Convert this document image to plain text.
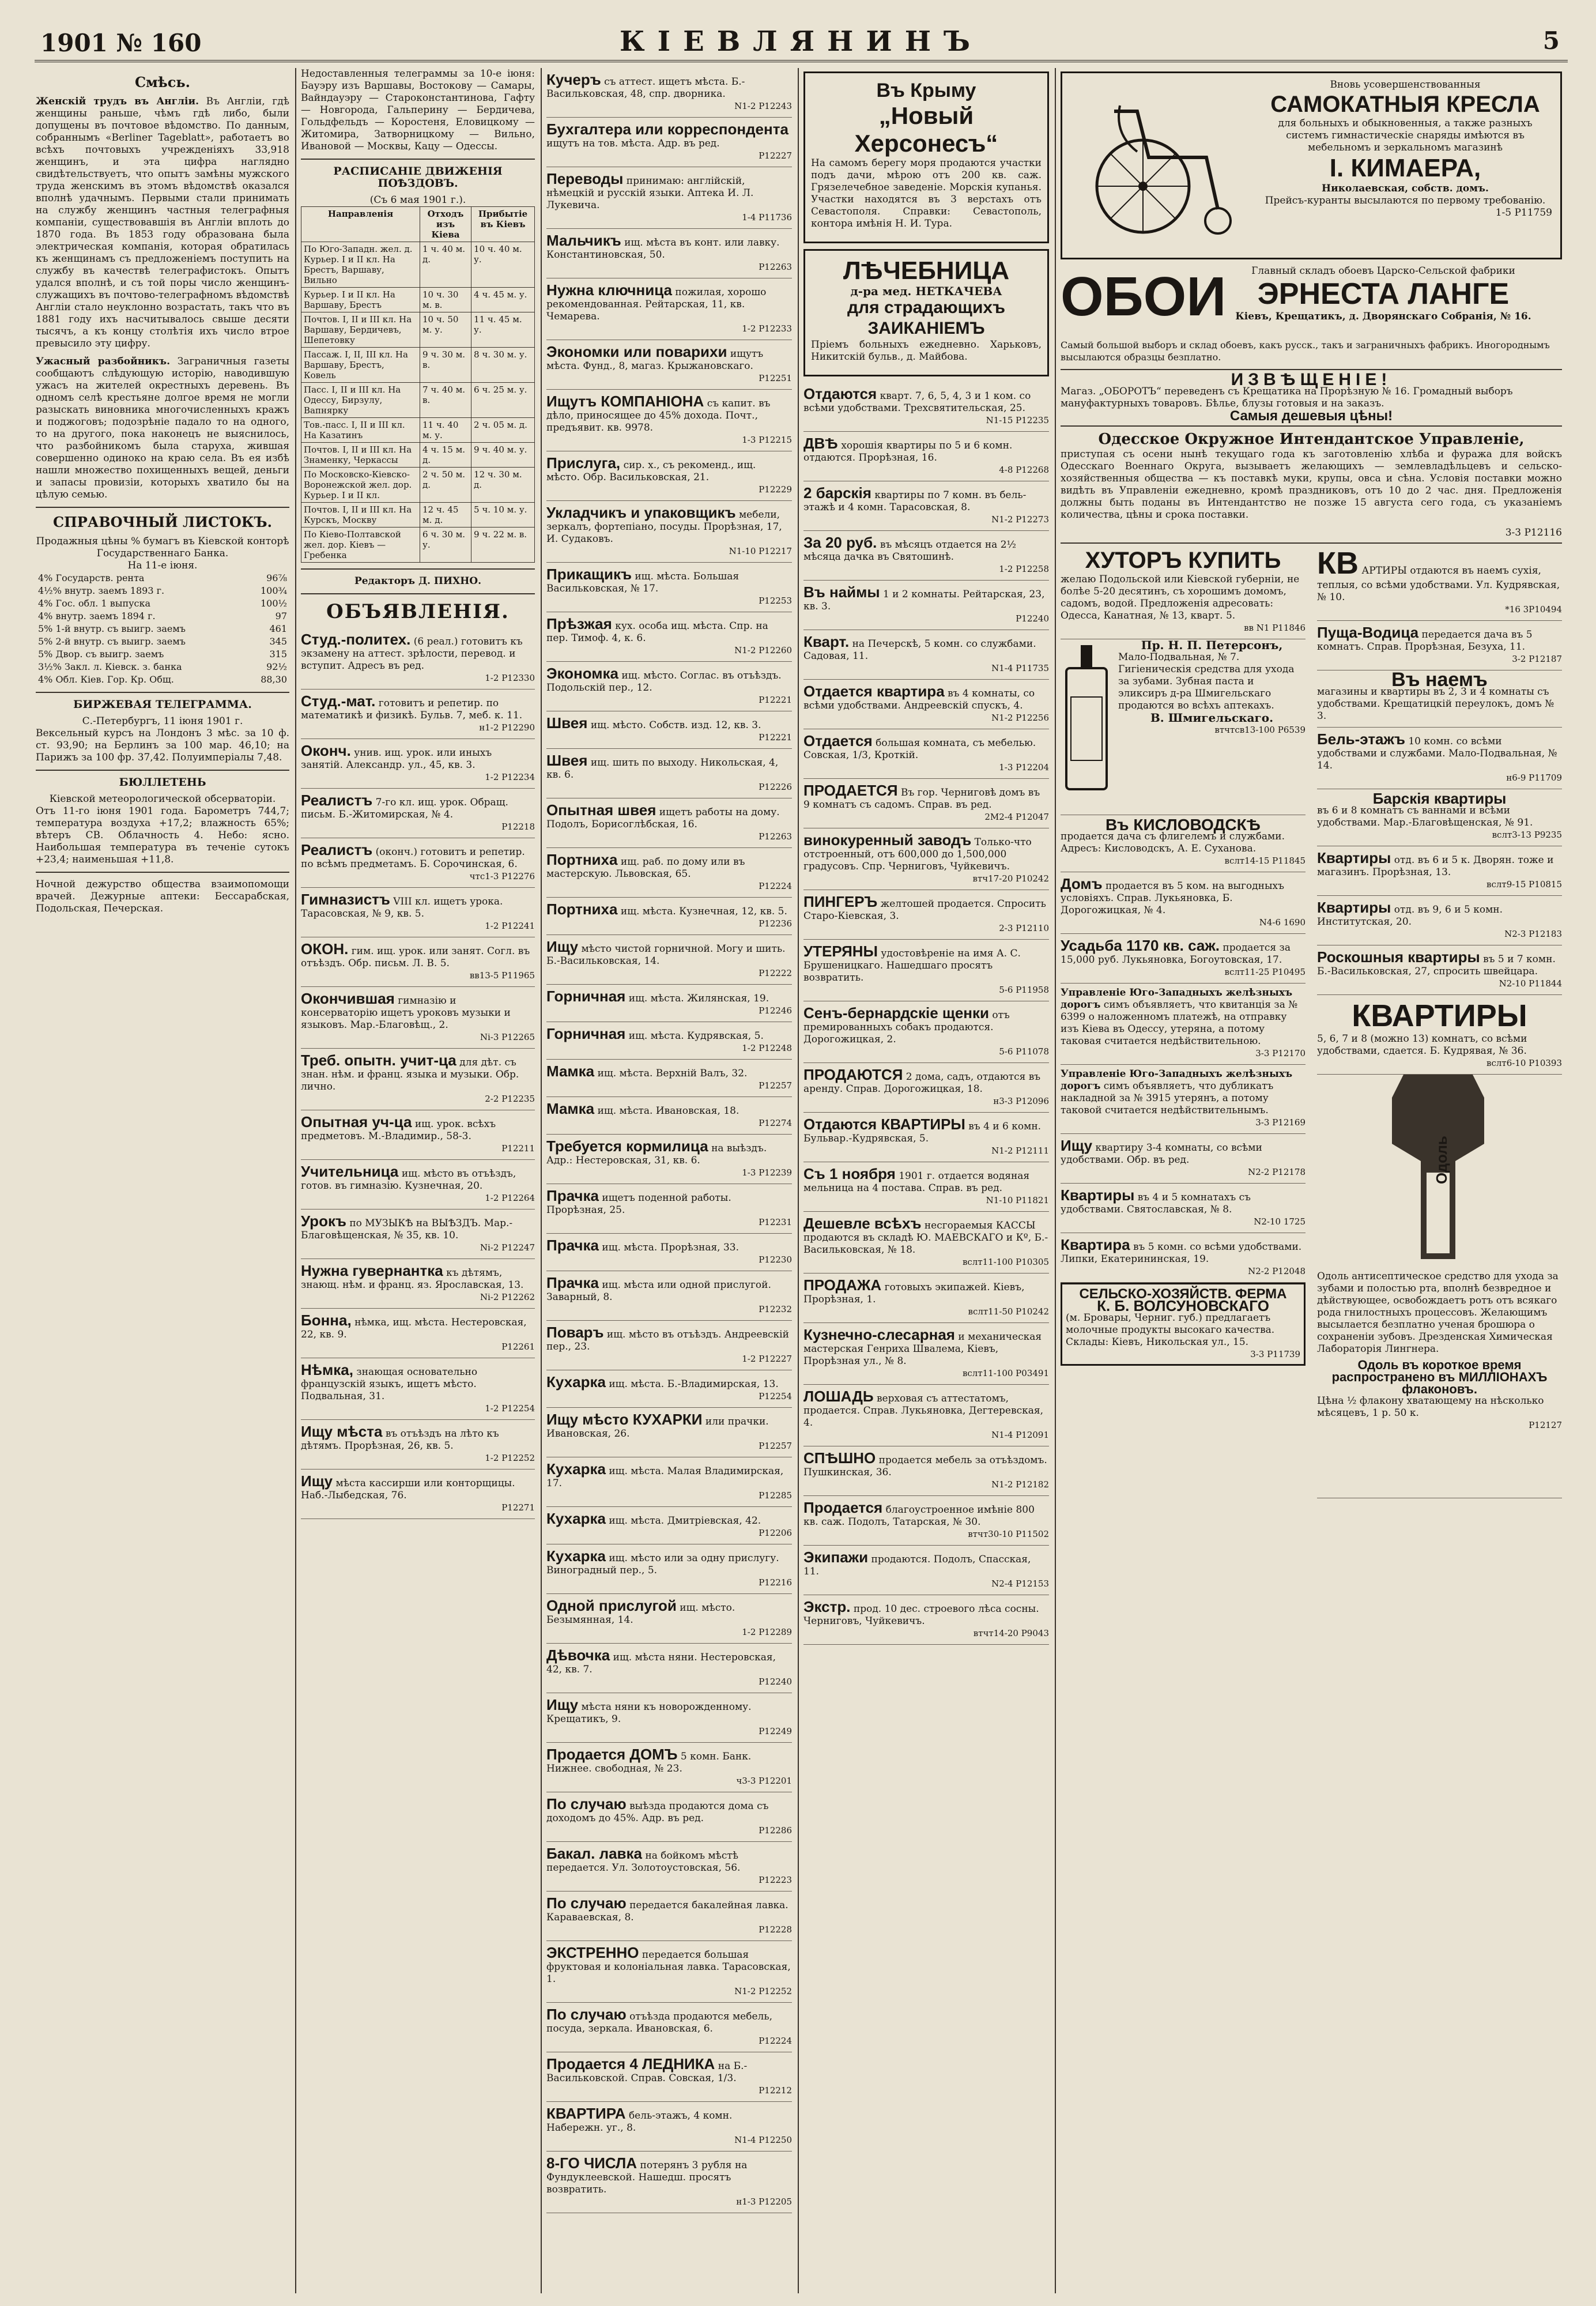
1901 № 160	КІЕВЛЯНИНЪ	5
Смѣсь.

Женскій трудъ въ Англіи. Въ Англіи, гдѣ женщины раньше, чѣмъ гдѣ либо, были допущены въ почтовое вѣдомство. По данным, собраннымъ «Berliner Tageblatt», работаетъ во всѣхъ почтовыхъ учрежденіяхъ 33,918 женщинъ, и эта цифра наглядно свидѣтельствуетъ, что опытъ замѣны мужского труда женскимъ въ этомъ вѣдомствѣ оказался вполнѣ удачнымъ. Первыми стали принимать на службу женщинъ частныя телеграфныя компаніи, существовавшія въ Англіи вплоть до 1870 года. Въ 1853 году образована была электрическая компанія, которая обратилась къ женщинамъ съ предложеніемъ поступить на службу въ качествѣ телеграфистокъ. Опытъ удался вполнѣ, и съ той поры число женщинъ-служащихъ въ почтово-телеграфномъ вѣдомствѣ Англіи стало неуклонно возрастать, такъ что въ 1881 году ихъ насчитывалось свыше десяти тысячъ, а къ концу столѣтія ихъ число втрое превысило эту цифру.

Ужасный разбойникъ. Заграничныя газеты сообщаютъ слѣдующую исторію, наводившую ужасъ на жителей окрестныхъ деревень. Въ одномъ селѣ крестьяне долгое время не могли разыскать виновника многочисленныхъ кражъ и поджоговъ; подозрѣніе падало то на одного, то на другого, пока наконецъ не выяснилось, что разбойникомъ была старуха, жившая совершенно одиноко на краю села. Въ ея избѣ нашли множество похищенныхъ вещей, деньги и запасы провизіи, которыхъ хватило бы на цѣлую семью.

СПРАВОЧНЫЙ ЛИСТОКЪ.
Продажныя цѣны % бумагъ въ Кіевской конторѣ Государственнаго Банка.
На 11-е іюня.
4% Государств. рента	96⅞
4½% внутр. заемъ 1893 г.	100¾
4% Гос. обл. 1 выпуска	100½
4% внутр. заемъ 1894 г.	97
5% 1-й внутр. съ выигр. заемъ	461
5% 2-й внутр. съ выигр. заемъ	345
5% Двор. съ выигр. заемъ	315
3½% Закл. л. Кіевск. з. банка	92½
4% Обл. Кіев. Гор. Кр. Общ.	88,30
БИРЖЕВАЯ ТЕЛЕГРАММА.
С.-Петербургъ, 11 іюня 1901 г.

Вексельный курсъ на Лондонъ 3 мѣс. за 10 ф. ст. 93,90; на Берлинъ за 100 мар. 46,10; на Парижъ за 100 фр. 37,42. Полуимперіалы 7,48.

БЮЛЛЕТЕНЬ
Кіевской метеорологической обсерваторіи.

Отъ 11-го іюня 1901 года. Барометръ 744,7; температура воздуха +17,2; влажность 65%; вѣтеръ СВ. Облачность 4. Небо: ясно. Наибольшая температура въ теченіе сутокъ +23,4; наименьшая +11,8.

Ночной дежурство общества взаимопомощи врачей. Дежурные аптеки: Бессарабская, Подольская, Печерская.

Недоставленныя телеграммы за 10-е іюня: Бауэру изъ Варшавы, Востокову — Самары, Вайндауэру — Староконстантинова, Гафту — Новгорода, Гальперину — Бердичева, Гольдфельдъ — Коростеня, Еловицкому — Житомира, Затворницкому — Вильно, Ивановой — Москвы, Кацу — Одессы.

РАСПИСАНІЕ ДВИЖЕНІЯ ПОѢЗДОВЪ.
(Съ 6 мая 1901 г.).
Направленія	Отходъ изъ Кіева	Прибытіе въ Кіевъ
По Юго-Западн. жел. д. Курьер. I и II кл. На Брестъ, Варшаву, Вильно	1 ч. 40 м. д.	10 ч. 40 м. у.
Курьер. I и II кл. На Варшаву, Брестъ	10 ч. 30 м. в.	4 ч. 45 м. у.
Почтов. I, II и III кл. На Варшаву, Бердичевъ, Шепетовку	10 ч. 50 м. у.	11 ч. 45 м. у.
Пассаж. I, II, III кл. На Варшаву, Брестъ, Ковель	9 ч. 30 м. в.	8 ч. 30 м. у.
Пасс. I, II и III кл. На Одессу, Бирзулу, Вапнярку	7 ч. 40 м. в.	6 ч. 25 м. у.
Тов.-пасс. I, II и III кл. На Казатинъ	11 ч. 40 м. у.	2 ч. 05 м. д.
Почтов. I, II и III кл. На Знаменку, Черкассы	4 ч. 15 м. д.	9 ч. 40 м. у.
По Московско-Кіевско-Воронежской жел. дор. Курьер. I и II кл.	2 ч. 50 м. д.	12 ч. 30 м. д.
Почтов. I, II и III кл. На Курскъ, Москву	12 ч. 45 м. д.	5 ч. 10 м. у.
По Кіево-Полтавской жел. дор. Кіевъ — Гребенка	6 ч. 30 м. у.	9 ч. 22 м. в.
Редакторъ Д. ПИХНО.
ОБЪЯВЛЕНІЯ.
Студ.-политех. (6 реал.) готовитъ къ экзамену на аттест. зрѣлости, перевод. и вступит. Адресъ въ ред.
1-2 Р12330
Студ.-мат. готовитъ и репетир. по математикѣ и физикѣ. Бульв. 7, меб. к. 11.
н1-2 Р12290
Оконч. унив. ищ. урок. или иныхъ занятій. Александр. ул., 45, кв. 3.
1-2 Р12234
Реалистъ 7-го кл. ищ. урок. Обращ. письм. Б.-Житомирская, № 4.
Р12218
Реалистъ (оконч.) готовитъ и репетир. по всѣмъ предметамъ. Б. Сорочинская, 6.
чтс1-3 Р12276
Гимназистъ VIII кл. ищетъ урока. Тарасовская, № 9, кв. 5.
1-2 Р12241
ОКОН. гим. ищ. урок. или занят. Согл. въ отъѣздъ. Обр. письм. Л. В. 5.
вв13-5 Р11965
Окончившая гимназію и консерваторію ищетъ уроковъ музыки и языковъ. Мар.-Благовѣщ., 2.
Nі-3 Р12265
Треб. опытн. учит-ца для дѣт. съ знан. нѣм. и франц. языка и музыки. Обр. лично.
2-2 Р12235
Опытная уч-ца ищ. урок. всѣхъ предметовъ. М.-Владимир., 58-3.
Р12211
Учительница ищ. мѣсто въ отъѣздъ, готов. въ гимназію. Кузнечная, 20.
1-2 Р12264
Урокъ по МУЗЫКѢ на ВЫѢЗДЪ. Мар.-Благовѣщенская, № 35, кв. 10.
Nі-2 Р12247
Нужна гувернантка къ дѣтямъ, знающ. нѣм. и франц. яз. Ярославская, 13.
Nі-2 Р12262
Бонна, нѣмка, ищ. мѣста. Нестеровская, 22, кв. 9.
Р12261
Нѣмка, знающая основательно французскій языкъ, ищетъ мѣсто. Подвальная, 31.
1-2 Р12254
Ищу мѣста въ отъѣздъ на лѣто къ дѣтямъ. Прорѣзная, 26, кв. 5.
1-2 Р12252
Ищу мѣста кассирши или конторщицы. Наб.-Лыбедская, 76.
Р12271
Кучеръ съ аттест. ищетъ мѣста. Б.-Васильковская, 48, спр. дворника.
N1-2 Р12243
Бухгалтера или корреспондента ищутъ на тов. мѣста. Адр. въ ред.
Р12227
Переводы принимаю: англійскій, нѣмецкій и русскій языки. Аптека И. Л. Лукевича.
1-4 Р11736
Мальчикъ ищ. мѣста въ конт. или лавку. Константиновская, 50.
Р12263
Нужна ключница пожилая, хорошо рекомендованная. Рейтарская, 11, кв. Чемарева.
1-2 Р12233
Экономки или поварихи ищутъ мѣста. Фунд., 8, магаз. Крыжановскаго.
Р12251
Ищутъ КОМПАНІОНА съ капит. въ дѣло, приносящее до 45% дохода. Почт., предъявит. кв. 9978.
1-3 Р12215
Прислуга, сир. х., съ рекоменд., ищ. мѣсто. Обр. Васильковская, 21.
Р12229
Укладчикъ и упаковщикъ мебели, зеркалъ, фортепіано, посуды. Прорѣзная, 17, И. Судаковъ.
N1-10 Р12217
Прикащикъ ищ. мѣста. Большая Васильковская, № 17.
Р12253
Прѣзжая кух. особа ищ. мѣста. Спр. на пер. Тимоф. 4, к. 6.
N1-2 Р12260
Экономка ищ. мѣсто. Соглас. въ отъѣздъ. Подольскій пер., 12.
Р12221
Швея ищ. мѣсто. Собств. изд. 12, кв. 3.
Р12221
Швея ищ. шить по выходу. Никольская, 4, кв. 6.
Р12226
Опытная швея ищетъ работы на дому. Подолъ, Борисоглѣбская, 16.
Р12263
Портниха ищ. раб. по дому или въ мастерскую. Львовская, 65.
Р12224
Портниха ищ. мѣста. Кузнечная, 12, кв. 5.
Р12236
Ищу мѣсто чистой горничной. Могу и шить. Б.-Васильковская, 14.
Р12222
Горничная ищ. мѣста. Жилянская, 19.
Р12246
Горничная ищ. мѣста. Кудрявская, 5.
1-2 Р12248
Мамка ищ. мѣста. Верхній Валъ, 32.
Р12257
Мамка ищ. мѣста. Ивановская, 18.
Р12274
Требуется кормилица на выѣздъ. Адр.: Нестеровская, 31, кв. 6.
1-3 Р12239
Прачка ищетъ поденной работы. Прорѣзная, 25.
Р12231
Прачка ищ. мѣста. Прорѣзная, 33.
Р12230
Прачка ищ. мѣста или одной прислугой. Заварный, 8.
Р12232
Поваръ ищ. мѣсто въ отъѣздъ. Андреевскій пер., 23.
1-2 Р12227
Кухарка ищ. мѣста. Б.-Владимирская, 13.
Р12254
Ищу мѣсто КУХАРКИ или прачки. Ивановская, 26.
Р12257
Кухарка ищ. мѣста. Малая Владимирская, 17.
Р12285
Кухарка ищ. мѣста. Дмитріевская, 42.
Р12206
Кухарка ищ. мѣсто или за одну прислугу. Виноградный пер., 5.
Р12216
Одной прислугой ищ. мѣсто. Безымянная, 14.
1-2 Р12289
Дѣвочка ищ. мѣста няни. Нестеровская, 42, кв. 7.
Р12240
Ищу мѣста няни къ новорожденному. Крещатикъ, 9.
Р12249
Продается ДОМЪ 5 комн. Банк. Нижнее. свободная, № 23.
ч3-3 Р12201
По случаю выѣзда продаются дома съ доходомъ до 45%. Адр. въ ред.
Р12286
Бакал. лавка на бойкомъ мѣстѣ передается. Ул. Золотоустовская, 56.
Р12223
По случаю передается бакалейная лавка. Караваевская, 8.
Р12228
ЭКСТРЕННО передается большая фруктовая и колоніальная лавка. Тарасовская, 1.
N1-2 Р12252
По случаю отъѣзда продаются мебель, посуда, зеркала. Ивановская, 6.
Р12224
Продается 4 ЛЕДНИКА на Б.-Васильковской. Справ. Совская, 1/3.
Р12212
КВАРТИРА бель-этажъ, 4 комн. Набережн. уг., 8.
N1-4 Р12250
8-ГО ЧИСЛА потерянъ 3 рубля на Фундуклеевской. Нашедш. просятъ возвратить.
н1-3 Р12205
Въ Крыму
„Новый Херсонесъ“

На самомъ берегу моря продаются участки подъ дачи, мѣрою отъ 200 кв. саж. Грязелечебное заведеніе. Морскія купанья. Участки находятся въ 3 верстахъ отъ Севастополя. Справки: Севастополь, контора имѣнія Н. И. Тура.

ЛѢЧЕБНИЦА
д-ра мед. НЕТКАЧЕВА
для страдающихъ ЗАИКАНІЕМЪ

Пріемъ больныхъ ежедневно. Харьковъ, Никитскій бульв., д. Майбова.

Отдаются кварт. 7, 6, 5, 4, 3 и 1 ком. со всѣми удобствами. Трехсвятительская, 25.
N1-15 Р12235
ДВѢ хорошія квартиры по 5 и 6 комн. отдаются. Прорѣзная, 16.
4-8 Р12268
2 барскія квартиры по 7 комн. въ бель-этажѣ и 4 комн. Тарасовская, 8.
N1-2 Р12273
За 20 руб. въ мѣсяцъ отдается на 2½ мѣсяца дачка въ Святошинѣ.
1-2 Р12258
Въ наймы 1 и 2 комнаты. Рейтарская, 23, кв. 3.
Р12240
Кварт. на Печерскѣ, 5 комн. со службами. Садовая, 11.
N1-4 Р11735
Отдается квартира въ 4 комнаты, со всѣми удобствами. Андреевскій спускъ, 4.
N1-2 Р12256
Отдается большая комната, съ мебелью. Совская, 1/3, Кроткій.
1-3 Р12204
ПРОДАЕТСЯ Въ гор. Черниговѣ домъ въ 9 комнатъ съ садомъ. Справ. въ ред.
2М2-4 Р12047
винокуренный заводъ Только-что отстроенный, отъ 600,000 до 1,500,000 градусовъ. Спр. Черниговъ, Чуйкевичъ.
втч17-20 Р10242
ПИНГЕРЪ желтошей продается. Спросить Старо-Кіевская, 3.
2-3 Р12110
УТЕРЯНЫ удостовѣреніе на имя А. С. Брушеницкаго. Нашедшаго просятъ возвратить.
5-6 Р11958
Сенъ-бернардскіе щенки отъ премированныхъ собакъ продаются. Дорогожицкая, 2.
5-6 Р11078
ПРОДАЮТСЯ 2 дома, садъ, отдаются въ аренду. Справ. Дорогожицкая, 18.
н3-3 Р12096
Отдаются КВАРТИРЫ въ 4 и 6 комн. Бульвар.-Кудрявская, 5.
N1-2 Р12111
Съ 1 ноября 1901 г. отдается водяная мельница на 4 постава. Справ. въ ред.
N1-10 Р11821
Дешевле всѣхъ несгораемыя КАССЫ продаются въ складѣ Ю. МАЕВСКАГО и Кº, Б.-Васильковская, № 18.
вслт11-100 Р10305
ПРОДАЖА готовыхъ экипажей. Кіевъ, Прорѣзная, 1.
вслт11-50 Р10242
Кузнечно-слесарная и механическая мастерская Генриха Швалема, Кіевъ, Прорѣзная ул., № 8.
вслт11-100 Р03491
ЛОШАДЬ верховая съ аттестатомъ, продается. Справ. Лукьяновка, Дегтеревская, 4.
N1-4 Р12091
СПѢШНО продается мебель за отъѣздомъ. Пушкинская, 36.
N1-2 Р12182
Продается благоустроенное имѣніе 800 кв. саж. Подолъ, Татарская, № 30.
втчт30-10 Р11502
Экипажи продаются. Подолъ, Спасская, 11.
N2-4 Р12153
Экстр. прод. 10 дес. строевого лѣса сосны. Черниговъ, Чуйкевичъ.
втчт14-20 Р9043
Вновь усовершенствованныя
САМОКАТНЫЯ КРЕСЛА
для больныхъ и обыкновенныя, а также разныхъ системъ гимнастическіе снаряды имѣются въ мебельномъ и зеркальномъ магазинѣ
І. КИМАЕРА,
Николаевская, собств. домъ.
Прейсъ-куранты высылаются по первому требованію.
1-5 Р11759
ОБОИ	Главный складъ обоевъ Царско-Сельской фабрики
ЭРНЕСТА ЛАНГЕ
Кіевъ, Крещатикъ, д. Дворянскаго Собранія, № 16.
Самый большой выборъ и склад обоевъ, какъ русск., такъ и заграничныхъ фабрикъ. Иногороднымъ высылаются образцы безплатно.
ИЗВѢЩЕНІЕ!
Магаз. „ОБОРОТЪ“ переведенъ съ Крещатика на Прорѣзную № 16. Громадный выборъ мануфактурныхъ товаровъ. Бѣлье, блузы готовыя и на заказъ.
Самыя дешевыя цѣны!
Одесское Окружное Интендантское Управленіе,

приступая съ осени нынѣ текущаго года къ заготовленію хлѣба и фуража для войскъ Одесскаго Военнаго Округа, вызываетъ желающихъ — землевладѣльцевъ и сельско-хозяйственныя общества — къ поставкѣ муки, крупы, овса и сѣна. Условія поставки можно видѣть въ Управленіи ежедневно, кромѣ праздниковъ, отъ 10 до 2 час. дня. Предложенія должны быть поданы въ Интендантство не позже 15 августа сего года, съ указаніемъ количества, цѣны и срока поставки.

3-3 Р12116
ХУТОРЪ КУПИТЬ
желаю Подольской или Кіевской губерніи, не болѣе 5-20 десятинъ, съ хорошимъ домомъ, садомъ, водой. Предложенія адресовать: Одесса, Канатная, № 13, кварт. 5.
вв N1 Р11846
Пр. Н. П. Петерсонъ,
Мало-Подвальная, № 7. Гигіеническія средства для ухода за зубами. Зубная паста и эликсиръ д-ра Шмигельскаго продаются во всѣхъ аптекахъ.
В. Шмигельскаго.
втчтсв13-100 Р6539
Въ КИСЛОВОДСКѢ
продается дача съ флигелемъ и службами. Адресъ: Кисловодскъ, А. Е. Суханова.
вслт14-15 Р11845
Домъ продается въ 5 ком. на выгодныхъ условіяхъ. Справ. Лукьяновка, Б. Дорогожицкая, № 4.
N4-6 1690
Усадьба 1170 кв. саж. продается за 15,000 руб. Лукьяновка, Богоутовская, 17.
вслт11-25 Р10495
Управленіе Юго-Западныхъ желѣзныхъ дорогъ симъ объявляетъ, что квитанція за № 6399 о наложенномъ платежѣ, на отправку изъ Кіева въ Одессу, утеряна, а потому таковая считается недѣйствительною.
3-3 Р12170
Управленіе Юго-Западныхъ желѣзныхъ дорогъ симъ объявляетъ, что дубликатъ накладной за № 3915 утерянъ, а потому таковой считается недѣйствительнымъ.
3-3 Р12169
Ищу квартиру 3-4 комнаты, со всѣми удобствами. Обр. въ ред.
N2-2 Р12178
Квартиры въ 4 и 5 комнатахъ съ удобствами. Святославская, № 8.
N2-10 1725
Квартира въ 5 комн. со всѣми удобствами. Липки, Екатерининская, 19.
N2-2 Р12048
СЕЛЬСКО-ХОЗЯЙСТВ. ФЕРМА
К. Б. ВОЛСУНОВСКАГО
(м. Бровары, Черниг. губ.) предлагаетъ молочные продукты высокаго качества. Склады: Кіевъ, Никольская ул., 15.
3-3 Р11739
КВ АРТИРЫ отдаются въ наемъ сухія, теплыя, со всѣми удобствами. Ул. Кудрявская, № 10.
*16 3Р10494
Пуща-Водица передается дача въ 5 комнатъ. Справ. Прорѣзная, Безуха, 11.
3-2 Р12187
Въ наемъ
магазины и квартиры въ 2, 3 и 4 комнаты съ удобствами. Крещатицкій переулокъ, домъ № 3.
Бель-этажъ 10 комн. со всѣми удобствами и службами. Мало-Подвальная, № 14.
н6-9 Р11709
Барскія квартиры
въ 6 и 8 комнатъ съ ваннами и всѣми удобствами. Мар.-Благовѣщенская, № 91.
вслт3-13 Р9235
Квартиры отд. въ 6 и 5 к. Дворян. тоже и магазинъ. Прорѣзная, 13.
вслт9-15 Р10815
Квартиры отд. въ 9, 6 и 5 комн. Институтская, 20.
N2-3 Р12183
Роскошныя квартиры въ 5 и 7 комн. Б.-Васильковская, 27, спросить швейцара.
N2-10 Р11844
КВАРТИРЫ
5, 6, 7 и 8 (можно 13) комнатъ, со всѣми удобствами, сдается. Б. Кудрявая, № 36.
вслт6-10 Р10393
Одоль
Одоль антисептическое средство для ухода за зубами и полостью рта, вполнѣ безвредное и дѣйствующее, освобождаетъ ротъ отъ всякаго рода гнилостныхъ процессовъ. Желающимъ высылается безплатно ученая брошюра о сохраненіи зубовъ. Дрезденская Химическая Лабораторія Лингнера.
Одоль въ короткое время распространено въ МИЛЛІОНАХЪ флаконовъ.
Цѣна ½ флакону хватающему на нѣсколько мѣсяцевъ, 1 р. 50 к.
Р12127
